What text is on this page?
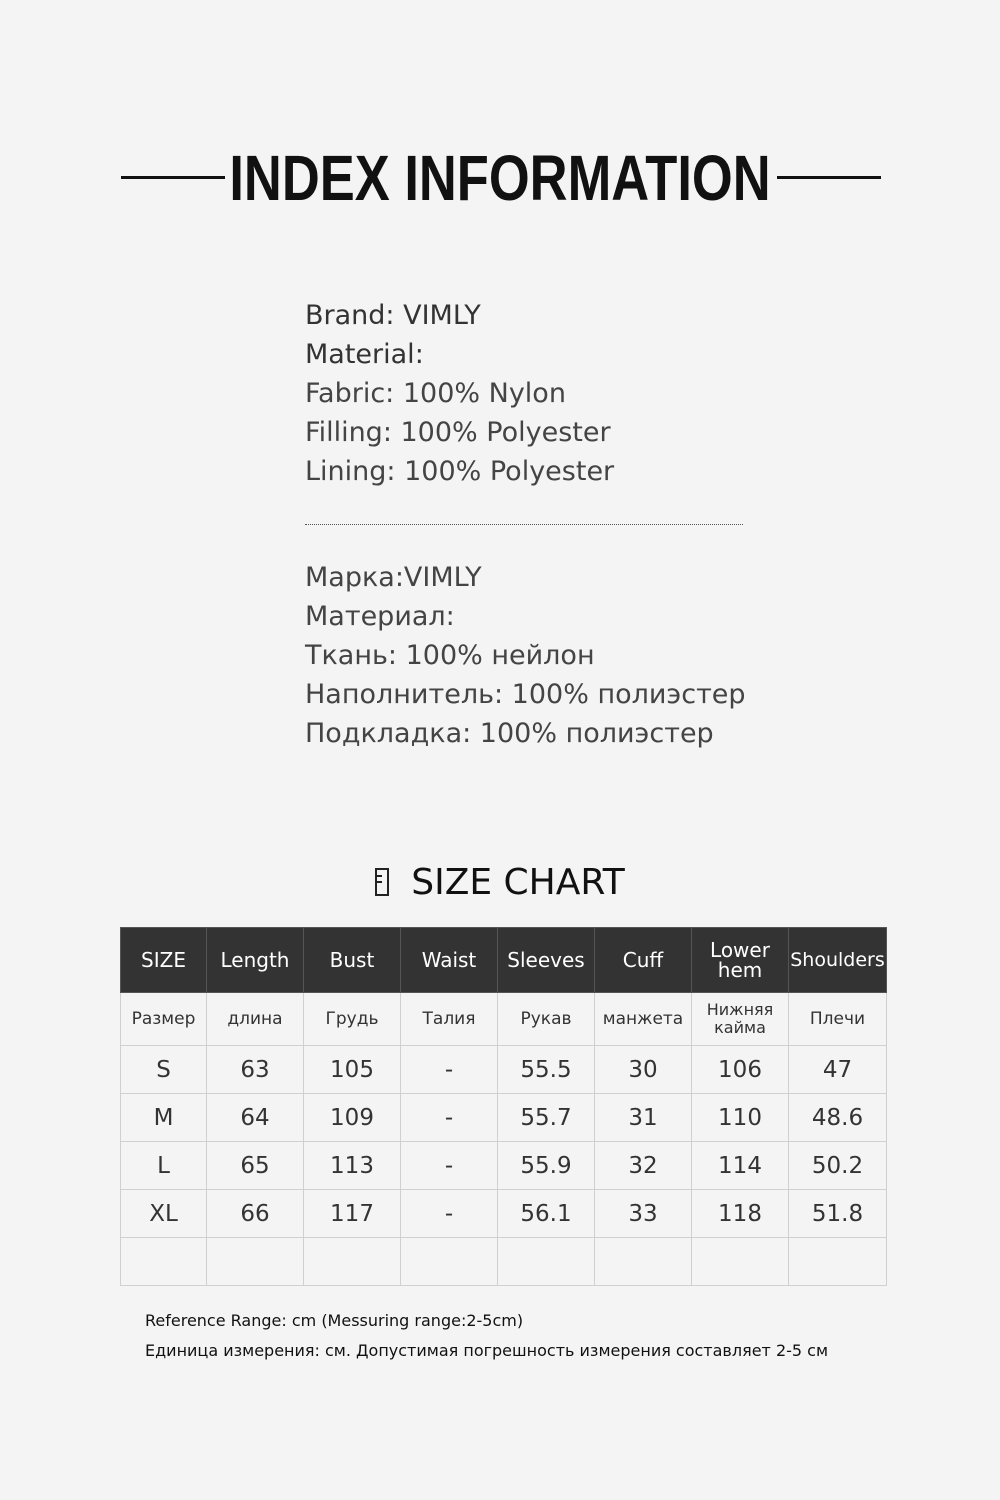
INDEX INFORMATION
Brand: VIMLY
Material:
Fabric: 100% Nylon
Filling: 100% Polyester
Lining: 100% Polyester
Марка:VIMLY
Материал:
Ткань: 100% нейлон
Наполнитель: 100% полиэстер
Подкладка: 100% полиэстер
SIZE CHART
SIZE	Length	Bust	Waist	Sleeves	Cuff	Lower hem	Shoulders
Размер	длина	Грудь	Талия	Рукав	манжета	Нижняя кайма	Плечи
S	63	105	-	55.5	30	106	47
M	64	109	-	55.7	31	110	48.6
L	65	113	-	55.9	32	114	50.2
XL	66	117	-	56.1	33	118	51.8

Reference Range: cm (Messuring range:2-5cm)
Единица измерения: см. Допустимая погрешность измерения составляет 2-5 см
